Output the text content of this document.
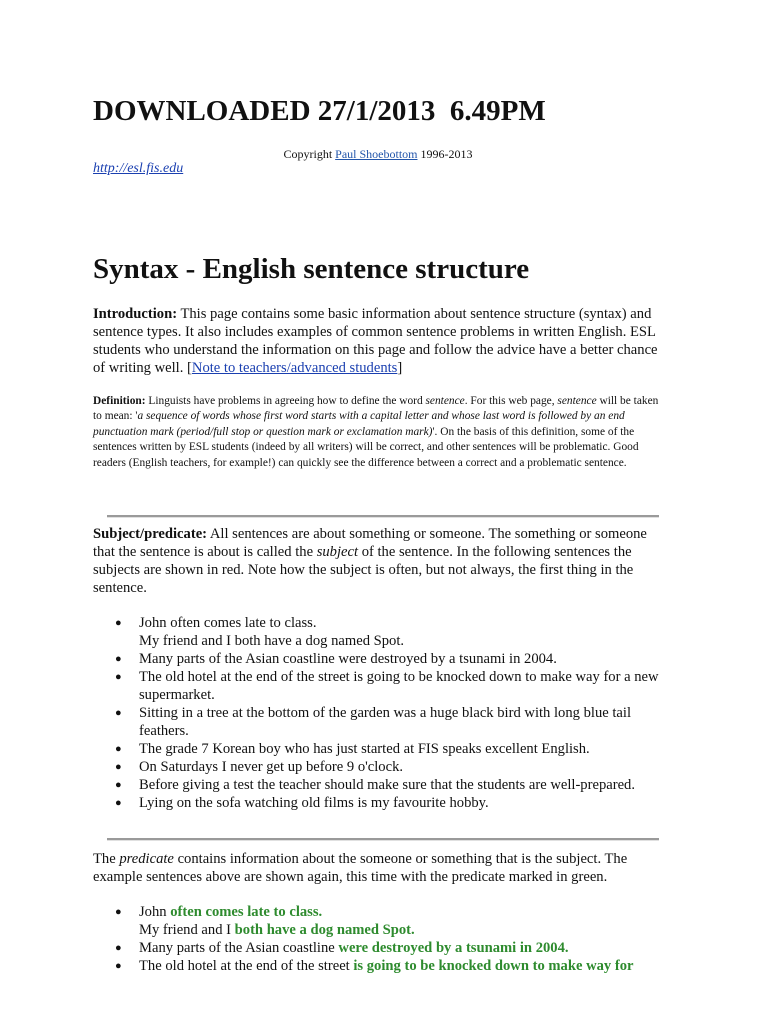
DOWNLOADED 27/1/2013  6.49PM
Copyright Paul Shoebottom 1996-2013
http://esl.fis.edu
Syntax - English sentence structure

Introduction: This page contains some basic information about sentence structure (syntax) and sentence types. It also includes examples of common sentence problems in written English. ESL students who understand the information on this page and follow the advice have a better chance of writing well. [Note to teachers/advanced students]

Definition: Linguists have problems in agreeing how to define the word sentence. For this web page, sentence will be taken to mean: 'a sequence of words whose first word starts with a capital letter and whose last word is followed by an end punctuation mark (period/full stop or question mark or exclamation mark)'. On the basis of this definition, some of the sentences written by ESL students (indeed by all writers) will be correct, and other sentences will be problematic. Good readers (English teachers, for example!) can quickly see the difference between a correct and a problematic sentence.

Subject/predicate: All sentences are about something or someone. The something or someone that the sentence is about is called the subject of the sentence. In the following sentences the subjects are shown in red. Note how the subject is often, but not always, the first thing in the sentence.

● John often comes late to class.
My friend and I both have a dog named Spot.
● Many parts of the Asian coastline were destroyed by a tsunami in 2004.
● The old hotel at the end of the street is going to be knocked down to make way for a new supermarket.
● Sitting in a tree at the bottom of the garden was a huge black bird with long blue tail feathers.
● The grade 7 Korean boy who has just started at FIS speaks excellent English.
● On Saturdays I never get up before 9 o'clock.
● Before giving a test the teacher should make sure that the students are well-prepared.
● Lying on the sofa watching old films is my favourite hobby.

The predicate contains information about the someone or something that is the subject. The example sentences above are shown again, this time with the predicate marked in green.

● John often comes late to class.
My friend and I both have a dog named Spot.
● Many parts of the Asian coastline were destroyed by a tsunami in 2004.
● The old hotel at the end of the street is going to be knocked down to make way for
